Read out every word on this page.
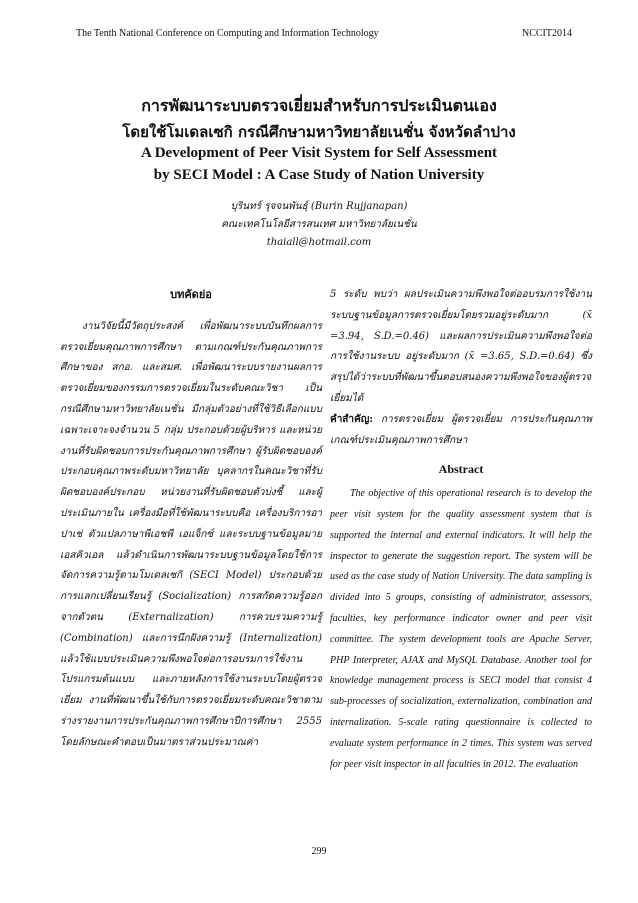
The Tenth National Conference on Computing and Information Technology	NCCIT2014

การพัฒนาระบบตรวจเยี่ยมสำหรับการประเมินตนเอง

โดยใช้โมเดลเซกิ กรณีศึกษามหาวิทยาลัยเนชั่น จังหวัดลำปาง

A Development of Peer Visit System for Self Assessment

by SECI Model : A Case Study of Nation University

บุรินทร์ รุจจนพันธุ์ (Burin Rujjanapan)
คณะเทคโนโลยีสารสนเทศ มหาวิทยาลัยเนชั่น
thaiall@hotmail.com
บทคัดย่อ

งานวิจัยนี้มีวัตถุประสงค์ เพื่อพัฒนาระบบบันทึกผลการตรวจเยี่ยมคุณภาพการศึกษา ตามเกณฑ์ประกันคุณภาพการศึกษาของ สกอ. และสมศ. เพื่อพัฒนาระบบรายงานผลการตรวจเยี่ยมของกรรมการตรวจเยี่ยมในระดับคณะวิชา เป็นกรณีศึกษามหาวิทยาลัยเนชั่น มีกลุ่มตัวอย่างที่ใช้วิธีเลือกแบบเฉพาะเจาะจงจำนวน 5 กลุ่ม ประกอบด้วยผู้บริหาร และหน่วยงานที่รับผิดชอบการประกันคุณภาพการศึกษา ผู้รับผิดชอบองค์ประกอบคุณภาพระดับมหาวิทยาลัย บุคลากรในคณะวิชาที่รับผิดชอบองค์ประกอบ หน่วยงานที่รับผิดชอบตัวบ่งชี้ และผู้ประเมินภายใน เครื่องมือที่ใช้พัฒนาระบบคือ เครื่องบริการอาปาเช่ ตัวแปลภาษาพีเอชพี เอแจ็กซ์ และระบบฐานข้อมูลมายเอสคิวเอล แล้วดำเนินการพัฒนาระบบฐานข้อมูลโดยใช้การจัดการความรู้ตามโมเดลเซกิ (SECI Model) ประกอบด้วย การแลกเปลี่ยนเรียนรู้ (Socialization) การสกัดความรู้ออกจากตัวตน (Externalization) การควบรวมความรู้ (Combination) และการนึกฝังความรู้ (Internalization) แล้วใช้แบบประเมินความพึงพอใจต่อการอบรมการใช้งานโปรแกรมต้นแบบ และภายหลังการใช้งานระบบโดยผู้ตรวจเยี่ยม งานที่พัฒนาขึ้นใช้กับการตรวจเยี่ยมระดับคณะวิชาตามร่างรายงานการประกันคุณภาพการศึกษาปีการศึกษา 2555 โดยลักษณะคำตอบเป็นมาตราส่วนประมาณค่า

5 ระดับ พบว่า ผลประเมินความพึงพอใจต่ออบรมการใช้งานระบบฐานข้อมูลการตรวจเยี่ยมโดยรวมอยู่ระดับมาก (x̄ =3.94, S.D.=0.46) และผลการประเมินความพึงพอใจต่อการใช้งานระบบ อยู่ระดับมาก (x̄ =3.65, S.D.=0.64) ซึ่งสรุปได้ว่าระบบที่พัฒนาขึ้นตอบสนองความพึงพอใจของผู้ตรวจเยี่ยมได้

คำสำคัญ: การตรวจเยี่ยม ผู้ตรวจเยี่ยม การประกันคุณภาพ เกณฑ์ประเมินคุณภาพการศึกษา

Abstract

The objective of this operational research is to develop the peer visit system for the quality assessment system that is supported the internal and external indicators. It will help the inspector to generate the suggestion report. The system will be used as the case study of Nation University. The data sampling is divided into 5 groups, consisting of administrator, assessors, faculties, key performance indicator owner and peer visit committee. The system development tools are Apache Server, PHP Interpreter, AJAX and MySQL Database. Another tool for knowledge management process is SECI model that consist 4 sub-processes of socialization, externalization, combination and internalization. 5-scale rating questionnaire is collected to evaluate system performance in 2 times. This system was served for peer visit inspector in all faculties in 2012. The evaluation

299
